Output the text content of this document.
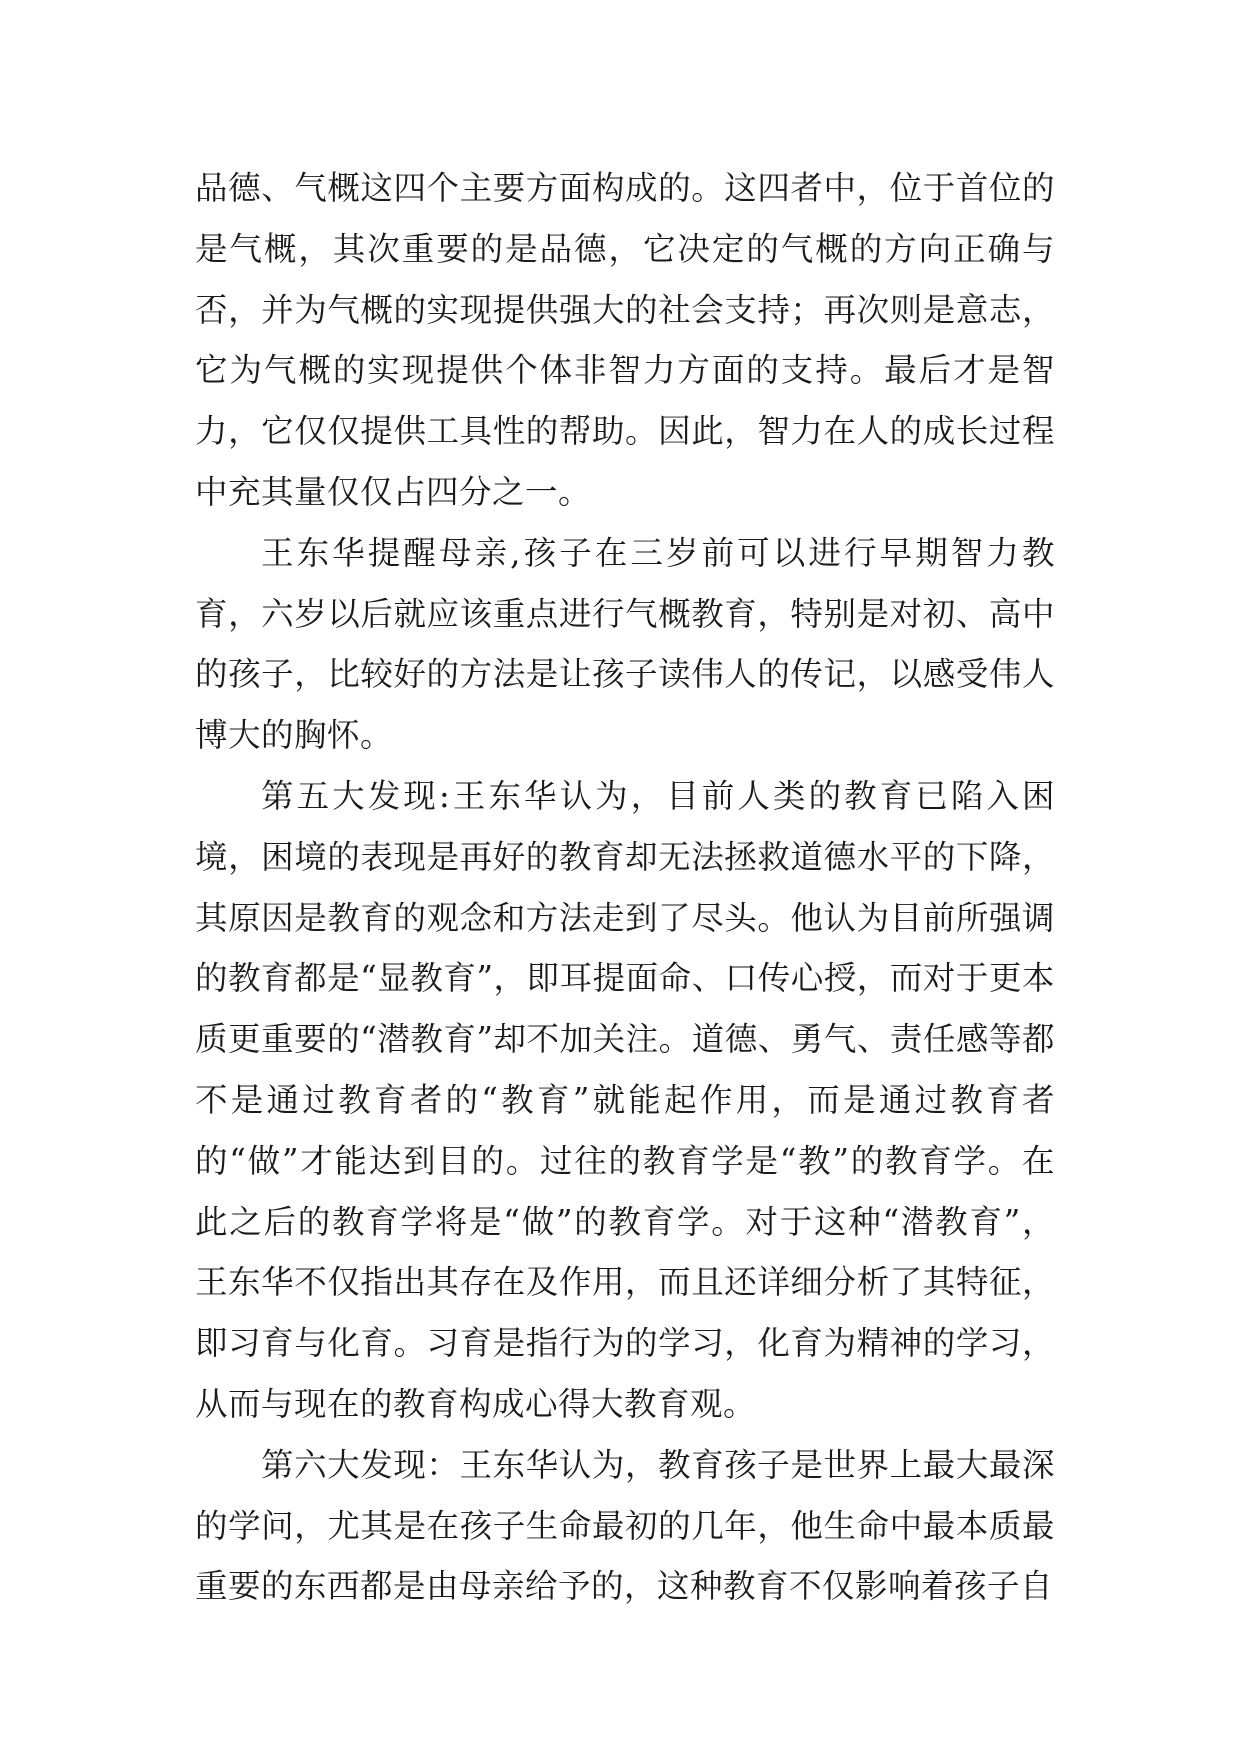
品德、气概这四个主要方面构成的。这四者中，位于首位的是气概，其次重要的是品德，它决定的气概的方向正确与否，并为气概的实现提供强大的社会支持；再次则是意志，它为气概的实现提供个体非智力方面的支持。最后才是智力，它仅仅提供工具性的帮助。因此，智力在人的成长过程中充其量仅仅占四分之一。

王东华提醒母亲,孩子在三岁前可以进行早期智力教育，六岁以后就应该重点进行气概教育，特别是对初、高中的孩子，比较好的方法是让孩子读伟人的传记，以感受伟人博大的胸怀。

第五大发现:王东华认为，目前人类的教育已陷入困境，困境的表现是再好的教育却无法拯救道德水平的下降，其原因是教育的观念和方法走到了尽头。他认为目前所强调的教育都是“显教育”，即耳提面命、口传心授，而对于更本质更重要的“潜教育”却不加关注。道德、勇气、责任感等都不是通过教育者的“教育”就能起作用，而是通过教育者的“做”才能达到目的。过往的教育学是“教”的教育学。在此之后的教育学将是“做”的教育学。对于这种“潜教育”，王东华不仅指出其存在及作用，而且还详细分析了其特征，即习育与化育。习育是指行为的学习，化育为精神的学习，从而与现在的教育构成心得大教育观。

第六大发现：王东华认为，教育孩子是世界上最大最深的学问，尤其是在孩子生命最初的几年，他生命中最本质最重要的东西都是由母亲给予的，这种教育不仅影响着孩子自
